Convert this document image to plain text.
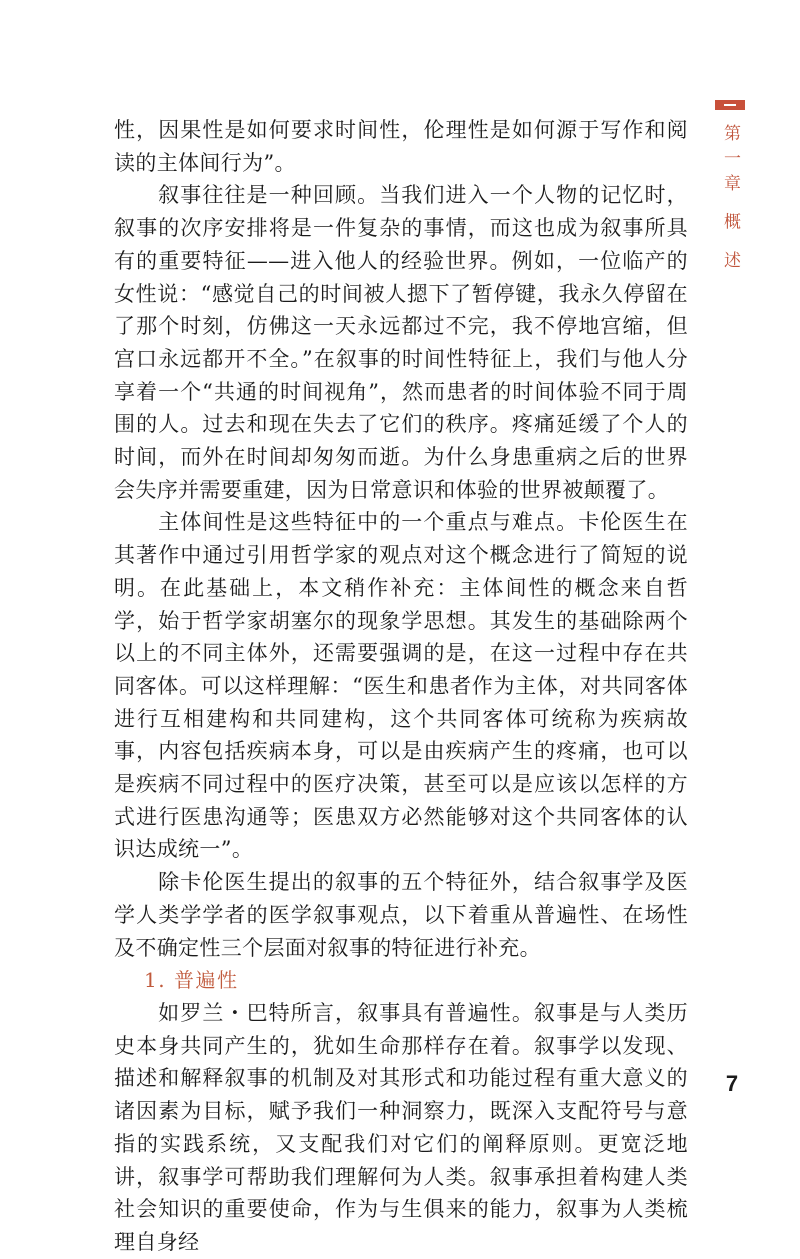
第一章 概 述

性，因果性是如何要求时间性，伦理性是如何源于写作和阅读的主体间行为”。

叙事往往是一种回顾。当我们进入一个人物的记忆时，叙事的次序安排将是一件复杂的事情，而这也成为叙事所具有的重要特征——进入他人的经验世界。例如，一位临产的女性说：“感觉自己的时间被人摁下了暂停键，我永久停留在了那个时刻，仿佛这一天永远都过不完，我不停地宫缩，但宫口永远都开不全。”在叙事的时间性特征上，我们与他人分享着一个“共通的时间视角”，然而患者的时间体验不同于周围的人。过去和现在失去了它们的秩序。疼痛延缓了个人的时间，而外在时间却匆匆而逝。为什么身患重病之后的世界会失序并需要重建，因为日常意识和体验的世界被颠覆了。

主体间性是这些特征中的一个重点与难点。卡伦医生在其著作中通过引用哲学家的观点对这个概念进行了简短的说明。在此基础上，本文稍作补充：主体间性的概念来自哲学，始于哲学家胡塞尔的现象学思想。其发生的基础除两个以上的不同主体外，还需要强调的是，在这一过程中存在共同客体。可以这样理解：“医生和患者作为主体，对共同客体进行互相建构和共同建构，这个共同客体可统称为疾病故事，内容包括疾病本身，可以是由疾病产生的疼痛，也可以是疾病不同过程中的医疗决策，甚至可以是应该以怎样的方式进行医患沟通等；医患双方必然能够对这个共同客体的认识达成统一”。

除卡伦医生提出的叙事的五个特征外，结合叙事学及医学人类学学者的医学叙事观点，以下着重从普遍性、在场性及不确定性三个层面对叙事的特征进行补充。

1. 普遍性

如罗兰・巴特所言，叙事具有普遍性。叙事是与人类历史本身共同产生的，犹如生命那样存在着。叙事学以发现、描述和解释叙事的机制及对其形式和功能过程有重大意义的诸因素为目标，赋予我们一种洞察力，既深入支配符号与意指的实践系统，又支配我们对它们的阐释原则。更宽泛地讲，叙事学可帮助我们理解何为人类。叙事承担着构建人类社会知识的重要使命，作为与生俱来的能力，叙事为人类梳理自身经

7
